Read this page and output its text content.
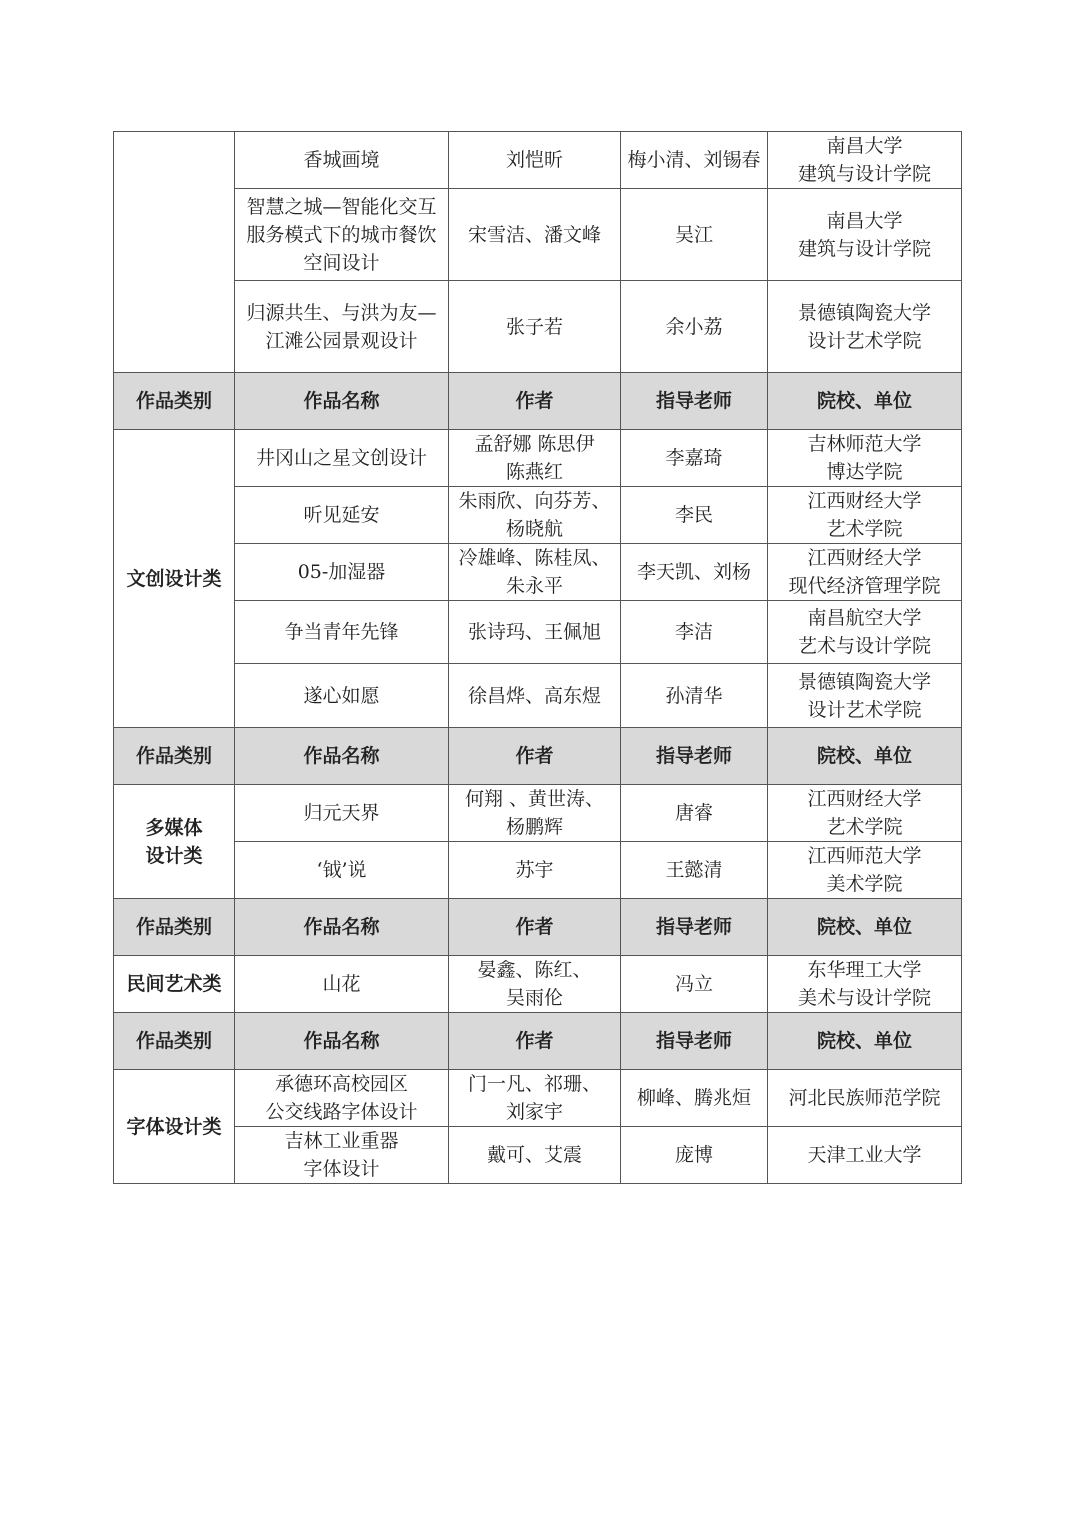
	香城画境	刘恺昕	梅小清、刘锡春	南昌大学
建筑与设计学院

	智慧之城—智能化交互
服务模式下的城市餐饮
空间设计	宋雪洁、潘文峰	吴江	南昌大学
建筑与设计学院

	归源共生、与洪为友—
江滩公园景观设计	张子若	余小荔	景德镇陶瓷大学
设计艺术学院

作品类别	作品名称	作者	指导老师	院校、单位

文创设计类	井冈山之星文创设计	孟舒娜 陈思伊
陈燕红	李嘉琦	吉林师范大学
博达学院

	听见延安	朱雨欣、向芬芳、
杨晓航	李民	江西财经大学
艺术学院

	05-加湿器	冷雄峰、陈桂凤、
朱永平	李天凯、刘杨	江西财经大学
现代经济管理学院

	争当青年先锋	张诗玛、王佩旭	李洁	南昌航空大学
艺术与设计学院

	遂心如愿	徐昌烨、高东煜	孙清华	景德镇陶瓷大学
设计艺术学院

作品类别	作品名称	作者	指导老师	院校、单位

多媒体
设计类	归元天界	何翔 、黄世涛、
杨鹏辉	唐睿	江西财经大学
艺术学院

	‘钺’说	苏宇	王懿清	江西师范大学
美术学院

作品类别	作品名称	作者	指导老师	院校、单位

民间艺术类	山花	晏鑫、陈红、
吴雨伦	冯立	东华理工大学
美术与设计学院

作品类别	作品名称	作者	指导老师	院校、单位

字体设计类	承德环高校园区
公交线路字体设计	门一凡、祁珊、
刘家宇	柳峰、腾兆烜	河北民族师范学院

	吉林工业重器
字体设计	戴可、艾震	庞博	天津工业大学
